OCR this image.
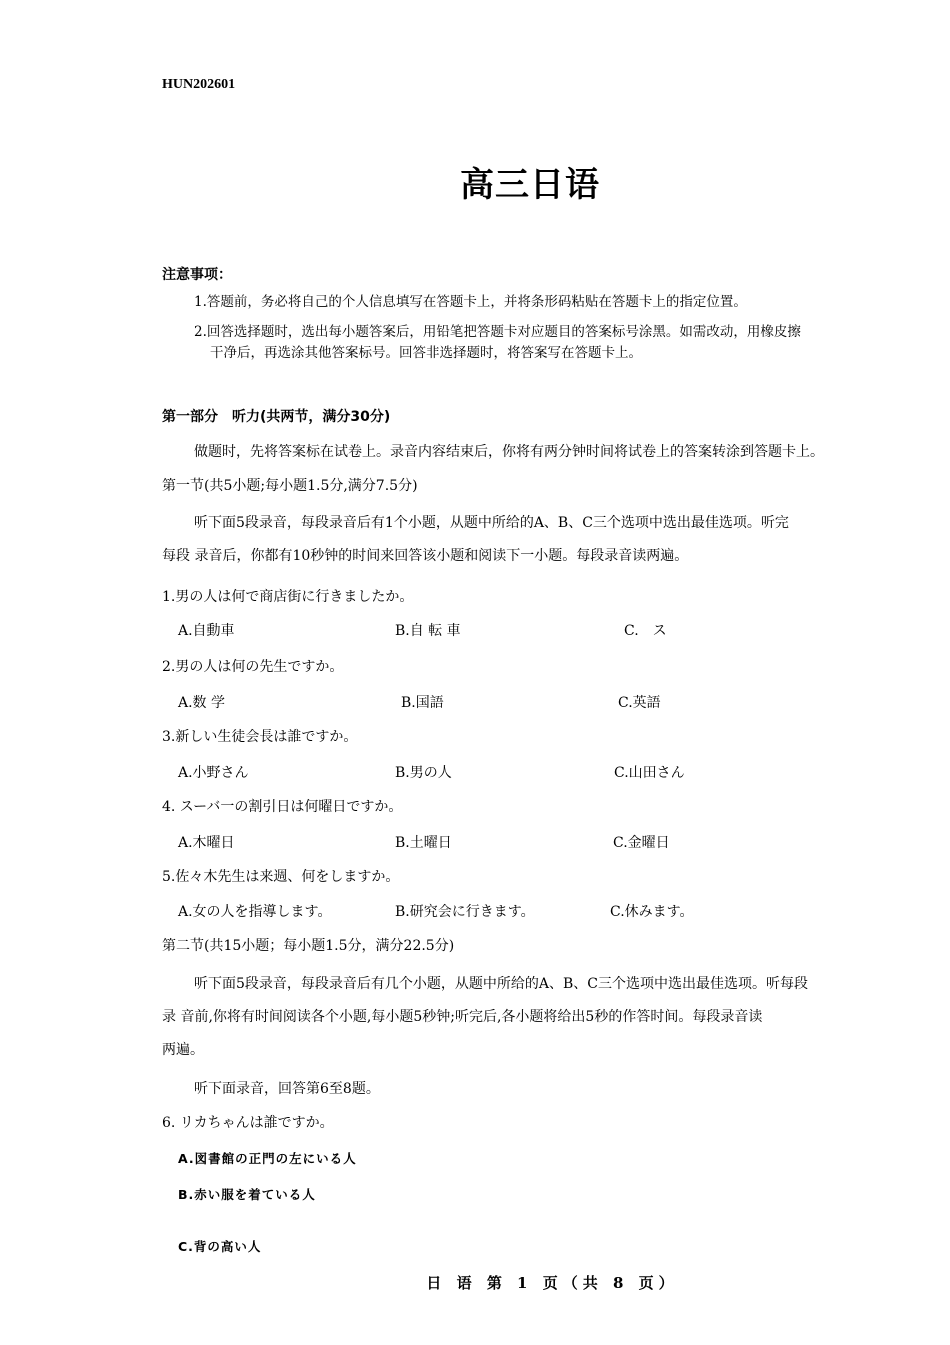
HUN202601
高三日语
注意事项：
1.答题前，务必将自己的个人信息填写在答题卡上，并将条形码粘贴在答题卡上的指定位置。
2.回答选择题时，选出每小题答案后，用铅笔把答题卡对应题目的答案标号涂黑。如需改动，用橡皮擦
干净后，再选涂其他答案标号。回答非选择题时，将答案写在答题卡上。
第一部分　听力(共两节，满分30分)
做题时，先将答案标在试卷上。录音内容结束后，你将有两分钟时间将试卷上的答案转涂到答题卡上。
第一节(共5小题;每小题1.5分,满分7.5分)
听下面5段录音，每段录音后有1个小题，从题中所给的A、B、C三个选项中选出最佳选项。听完
每段 录音后，你都有10秒钟的时间来回答该小题和阅读下一小题。每段录音读两遍。
1.男の人は何で商店街に行きましたか。
A.自動車	B.自 転 車	C.　ス
2.男の人は何の先生ですか。
A.数 学	B.国語	C.英語
3.新しい生徒会長は誰ですか。
A.小野さん	B.男の人	C.山田さん
4. スーバ一の割引日は何曜日ですか。
A.木曜日	B.土曜日	C.金曜日
5.佐々木先生は来週、何をしますか。
A.女の人を指導します。	B.研究会に行きます。	C.休みます。
第二节(共15小题；每小题1.5分，满分22.5分)
听下面5段录音，每段录音后有几个小题，从题中所给的A、B、C三个选项中选出最佳选项。听每段
录 音前,你将有时间阅读各个小题,每小题5秒钟;听完后,各小题将给出5秒的作答时间。每段录音读
两遍。
听下面录音，回答第6至8题。
6. リカちゃんは誰ですか。
A.図書館の正門の左にいる人
B.赤い服を着ている人
C.背の高い人
日 语 第 1 页（共 8 页）
